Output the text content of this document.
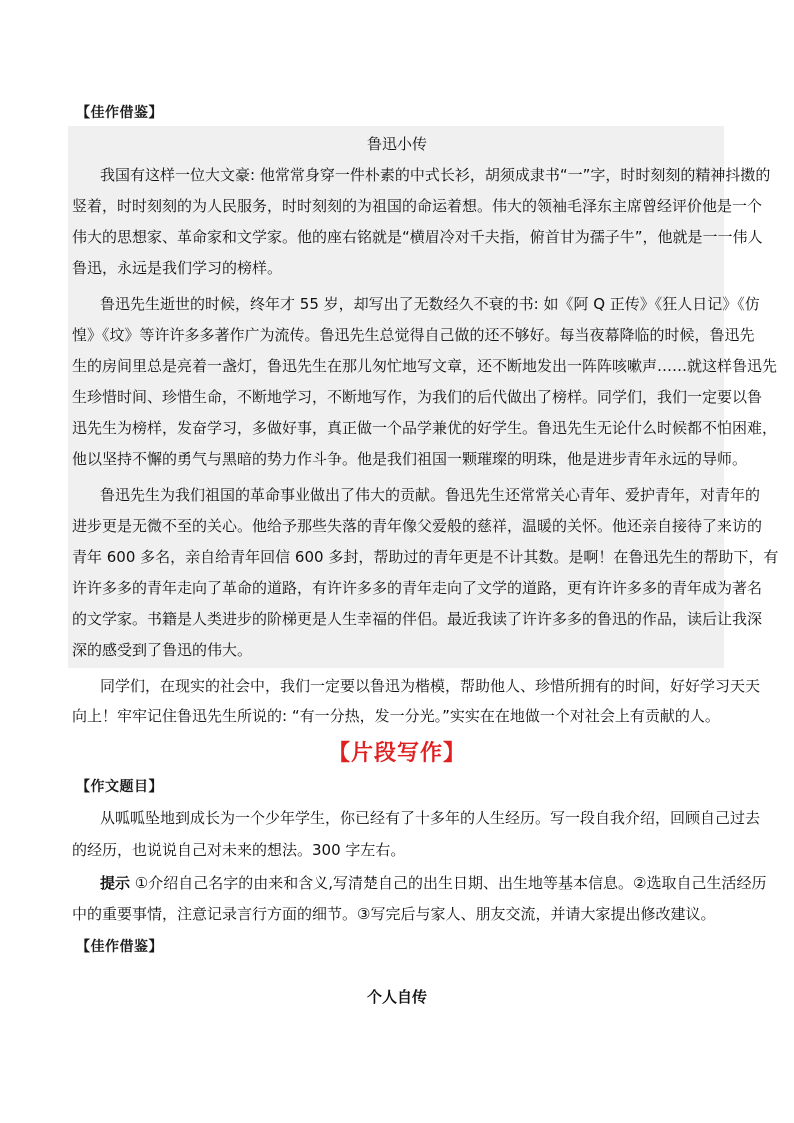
【佳作借鉴】
鲁迅小传
我国有这样一位大文豪: 他常常身穿一件朴素的中式长衫，胡须成隶书“一”字，时时刻刻的精神抖擞的
竖着，时时刻刻的为人民服务，时时刻刻的为祖国的命运着想。伟大的领袖毛泽东主席曾经评价他是一个
伟大的思想家、革命家和文学家。他的座右铭就是“横眉冷对千夫指，俯首甘为孺子牛”，他就是一一伟人
鲁迅，永远是我们学习的榜样。
鲁迅先生逝世的时候，终年才 55 岁，却写出了无数经久不衰的书: 如《阿 Q 正传》《狂人日记》《仿
惶》《坟》等许许多多著作广为流传。鲁迅先生总觉得自己做的还不够好。每当夜幕降临的时候，鲁迅先
生的房间里总是亮着一盏灯，鲁迅先生在那儿匆忙地写文章，还不断地发出一阵阵咳嗽声……就这样鲁迅先
生珍惜时间、珍惜生命，不断地学习，不断地写作，为我们的后代做出了榜样。同学们，我们一定要以鲁
迅先生为榜样，发奋学习，多做好事，真正做一个品学兼优的好学生。鲁迅先生无论什么时候都不怕困难，
他以坚持不懈的勇气与黑暗的势力作斗争。他是我们祖国一颗璀璨的明珠，他是进步青年永远的导师。
鲁迅先生为我们祖国的革命事业做出了伟大的贡献。鲁迅先生还常常关心青年、爱护青年，对青年的
进步更是无微不至的关心。他给予那些失落的青年像父爱般的慈祥，温暖的关怀。他还亲自接待了来访的
青年 600 多名，亲自给青年回信 600 多封，帮助过的青年更是不计其数。是啊！在鲁迅先生的帮助下，有
许许多多的青年走向了革命的道路，有许许多多的青年走向了文学的道路，更有许许多多的青年成为著名
的文学家。书籍是人类进步的阶梯更是人生幸福的伴侣。最近我读了许许多多的鲁迅的作品，读后让我深
深的感受到了鲁迅的伟大。
同学们，在现实的社会中，我们一定要以鲁迅为楷模，帮助他人、珍惜所拥有的时间，好好学习天天
向上！牢牢记住鲁迅先生所说的: “有一分热，发一分光。”实实在在地做一个对社会上有贡献的人。
【片段写作】
【作文题目】
从呱呱坠地到成长为一个少年学生，你已经有了十多年的人生经历。写一段自我介绍，回顾自己过去
的经历，也说说自己对未来的想法。300 字左右。
提示 ①介绍自己名字的由来和含义,写清楚自己的出生日期、出生地等基本信息。②选取自己生活经历
中的重要事情，注意记录言行方面的细节。③写完后与家人、朋友交流，并请大家提出修改建议。
【佳作借鉴】
个人自传
